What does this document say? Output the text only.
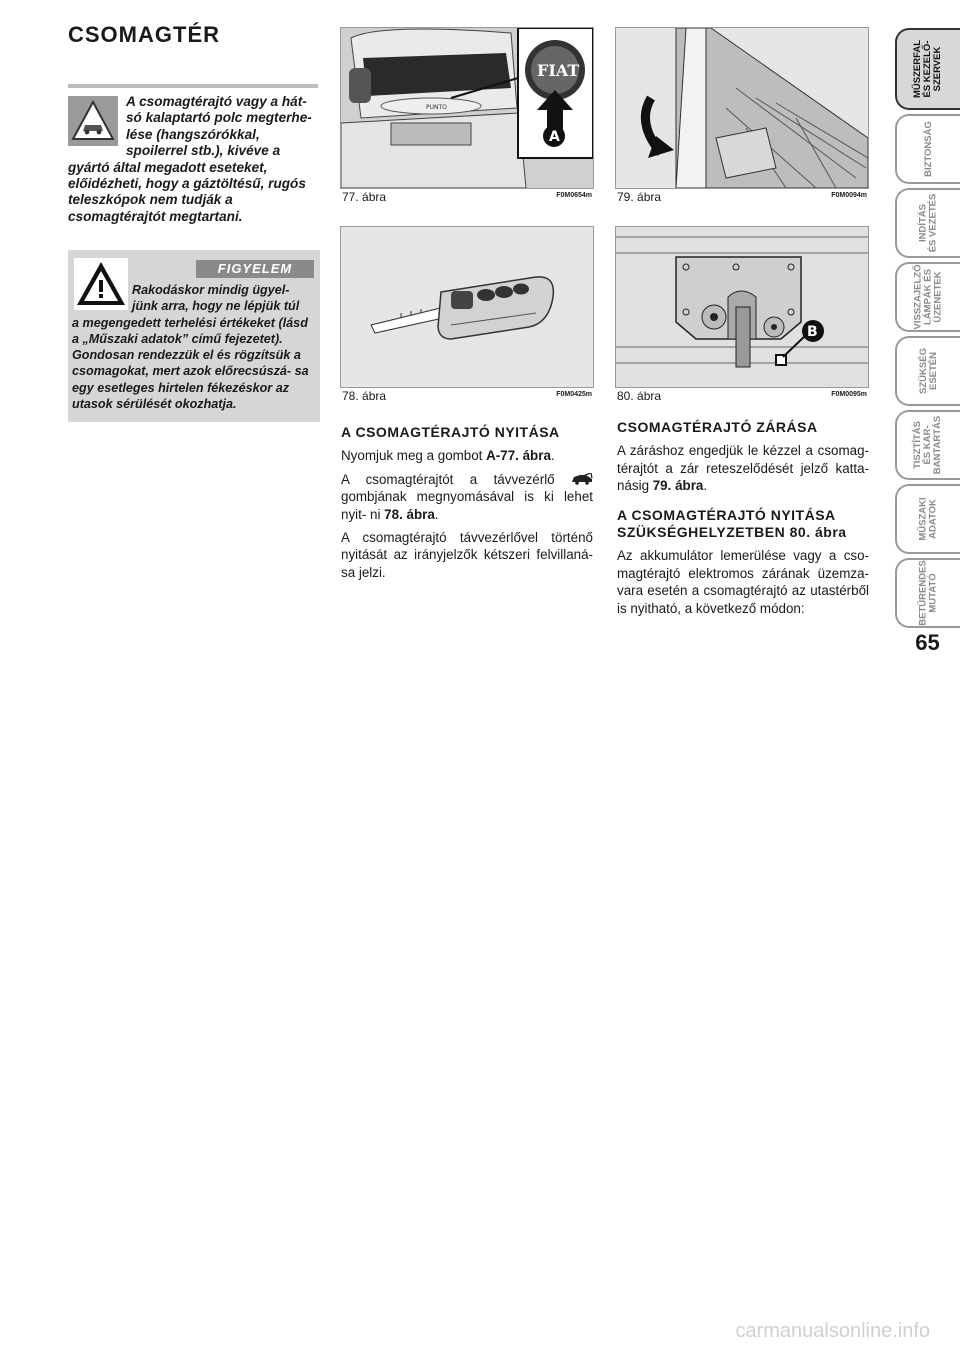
CSOMAGTÉR
A csomagtérajtó vagy a hát- só kalaptartó polc megterhe- lése (hangszórókkal, spoilerrel stb.), kivéve a gyártó által megadott eseteket, előidézheti, hogy a gáztöltésű, rugós teleszkópok nem tudják a csomagtérajtót megtartani.
FIGYELEM
Rakodáskor mindig ügyel- jünk arra, hogy ne lépjük túl
a megengedett terhelési értékeket (lásd a „Műszaki adatok” című fejezetet). Gondosan rendezzük el és rögzítsük a csomagokat, mert azok előrecsúszá- sa egy esetleges hirtelen fékezéskor az utasok sérülését okozhatja.
PUNTO
FIAT
A
77. ábra	F0M0654m 79. ábra	F0M0094m
78. ábra	F0M0425m
B
80. ábra	F0M0095m
A CSOMAGTÉRAJTÓ NYITÁSA

Nyomjuk meg a gombot A-77. ábra.

A csomagtérajtót a távvezérlő  gombjának megnyomásával is ki lehet nyit- ni 78. ábra.

A csomagtérajtó távvezérlővel történő nyitását az irányjelzők kétszeri felvillaná- sa jelzi.

CSOMAGTÉRAJTÓ ZÁRÁSA

A záráshoz engedjük le kézzel a csomag- térajtót a zár reteszelődését jelző katta- násig 79. ábra.

A CSOMAGTÉRAJTÓ NYITÁSA
SZÜKSÉGHELYZETBEN 80. ábra

Az akkumulátor lemerülése vagy a cso- magtérajtó elektromos zárának üzemza- vara esetén a csomagtérajtó az utastérből is nyitható, a következő módon:

MŰSZERFAL
ÉS KEZELŐ-
SZERVEK
BIZTONSÁG
INDÍTÁS
ÉS VEZETÉS
VISSZAJELZŐ
LÁMPÁK ÉS
ÜZENETEK
SZÜKSÉG
ESETÉN
TISZTÍTÁS
ÉS KAR-
BANTARTÁS
MŰSZAKI
ADATOK
BETŰRENDES
MUTATÓ
65
carmanualsonline.info
